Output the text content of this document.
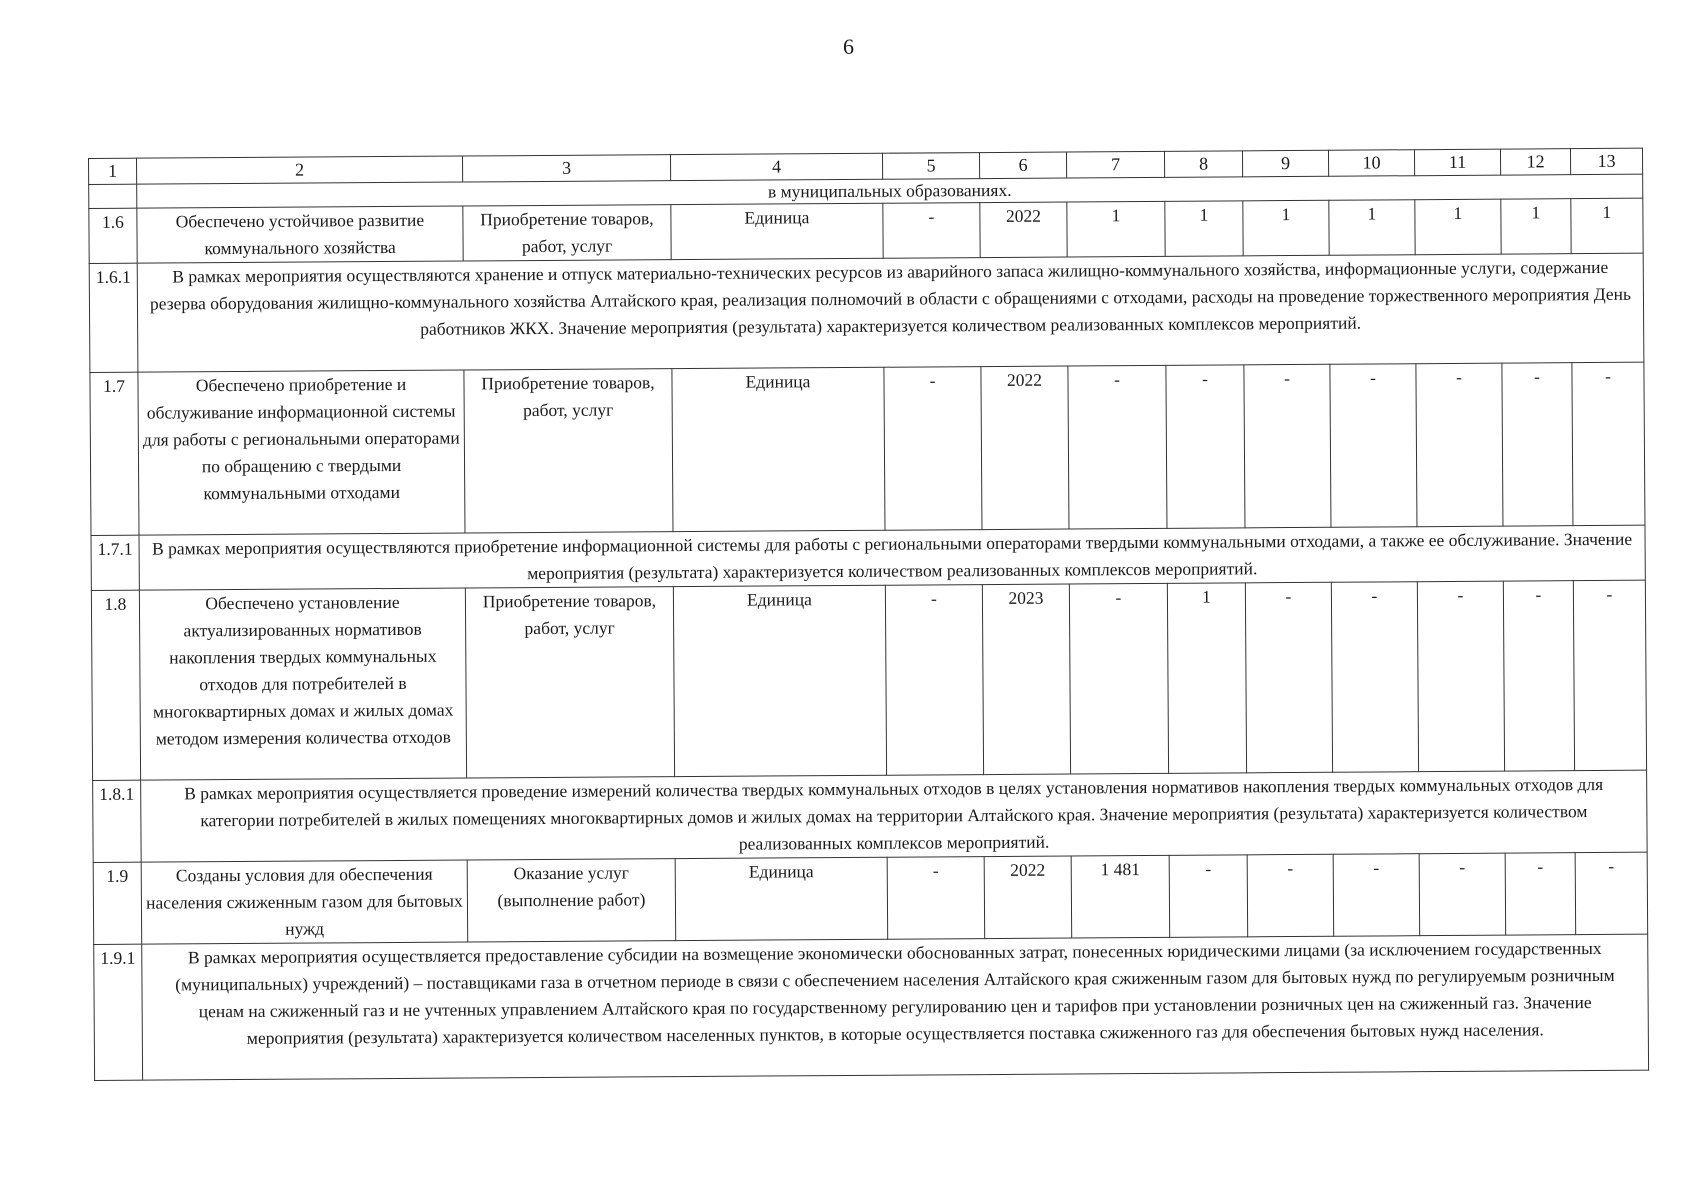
6
1	2	3	4	5	6	7	8	9	10	11	12	13
	в муниципальных образованиях.											
1.6	Обеспечено устойчивое развитие коммунального хозяйства	Приобретение товаров, работ, услуг	Единица	-	2022	1	1	1	1	1	1	1
1.6.1	В рамках мероприятия осуществляются хранение и отпуск материально-технических ресурсов из аварийного запаса жилищно-коммунального хозяйства, информационные услуги, содержание резерва оборудования жилищно-коммунального хозяйства Алтайского края, реализация полномочий в области с обращениями с отходами, расходы на проведение торжественного мероприятия День работников ЖКХ. Значение мероприятия (результата) характеризуется количеством реализованных комплексов мероприятий.											
1.7	Обеспечено приобретение и обслуживание информационной системы для работы с региональными операторами по обращению с твердыми коммунальными отходами	Приобретение товаров, работ, услуг	Единица	-	2022	-	-	-	-	-	-	-
1.7.1	В рамках мероприятия осуществляются приобретение информационной системы для работы с региональными операторами твердыми коммунальными отходами, а также ее обслуживание. Значение мероприятия (результата) характеризуется количеством реализованных комплексов мероприятий.											
1.8	Обеспечено установление актуализированных нормативов накопления твердых коммунальных отходов для потребителей в многоквартирных домах и жилых домах методом измерения количества отходов	Приобретение товаров, работ, услуг	Единица	-	2023	-	1	-	-	-	-	-
1.8.1	В рамках мероприятия осуществляется проведение измерений количества твердых коммунальных отходов в целях установления нормативов накопления твердых коммунальных отходов для категории потребителей в жилых помещениях многоквартирных домов и жилых домах на территории Алтайского края. Значение мероприятия (результата) характеризуется количеством реализованных комплексов мероприятий.											
1.9	Созданы условия для обеспечения населения сжиженным газом для бытовых нужд	Оказание услуг (выполнение работ)	Единица	-	2022	1 481	-	-	-	-	-	-
1.9.1	В рамках мероприятия осуществляется предоставление субсидии на возмещение экономически обоснованных затрат, понесенных юридическими лицами (за исключением государственных (муниципальных) учреждений) – поставщиками газа в отчетном периоде в связи с обеспечением населения Алтайского края сжиженным газом для бытовых нужд по регулируемым розничным ценам на сжиженный газ и не учтенных управлением Алтайского края по государственному регулированию цен и тарифов при установлении розничных цен на сжиженный газ. Значение мероприятия (результата) характеризуется количеством населенных пунктов, в которые осуществляется поставка сжиженного газ для обеспечения бытовых нужд населения.											
